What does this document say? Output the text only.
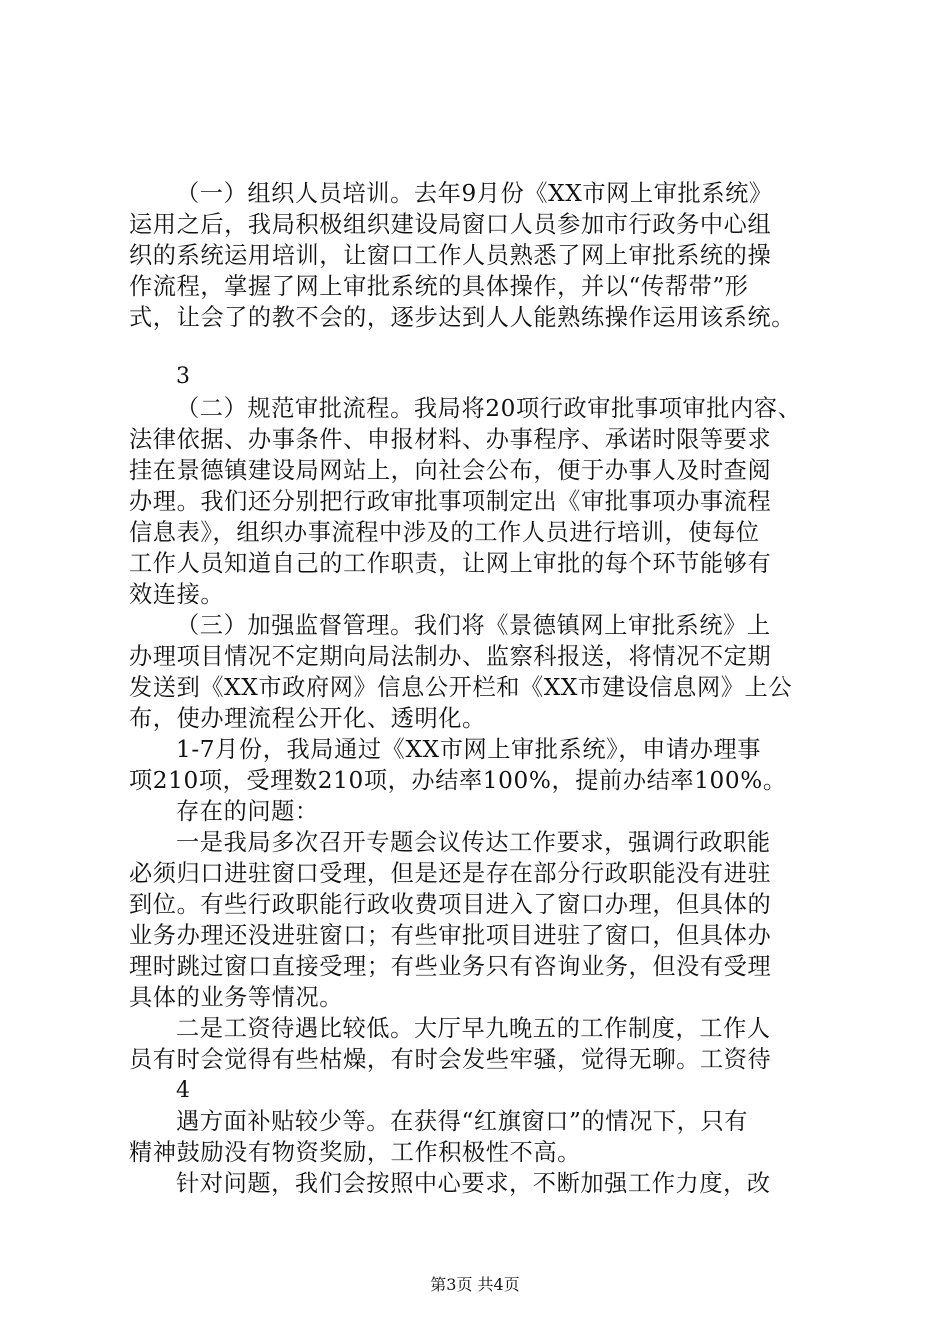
（一）组织人员培训。去年9月份《XX市网上审批系统》
运用之后，我局积极组织建设局窗口人员参加市行政务中心组
织的系统运用培训，让窗口工作人员熟悉了网上审批系统的操
作流程，掌握了网上审批系统的具体操作，并以“传帮带”形
式，让会了的教不会的，逐步达到人人能熟练操作运用该系统。
3
（二）规范审批流程。我局将20项行政审批事项审批内容、
法律依据、办事条件、申报材料、办事程序、承诺时限等要求
挂在景德镇建设局网站上，向社会公布，便于办事人及时查阅
办理。我们还分别把行政审批事项制定出《审批事项办事流程
信息表》，组织办事流程中涉及的工作人员进行培训，使每位
工作人员知道自己的工作职责，让网上审批的每个环节能够有
效连接。
（三）加强监督管理。我们将《景德镇网上审批系统》上
办理项目情况不定期向局法制办、监察科报送，将情况不定期
发送到《XX市政府网》信息公开栏和《XX市建设信息网》上公
布，使办理流程公开化、透明化。
1-7月份，我局通过《XX市网上审批系统》，申请办理事
项210项，受理数210项，办结率100%，提前办结率100%。
存在的问题：
一是我局多次召开专题会议传达工作要求，强调行政职能
必须归口进驻窗口受理，但是还是存在部分行政职能没有进驻
到位。有些行政职能行政收费项目进入了窗口办理，但具体的
业务办理还没进驻窗口；有些审批项目进驻了窗口，但具体办
理时跳过窗口直接受理；有些业务只有咨询业务，但没有受理
具体的业务等情况。
二是工资待遇比较低。大厅早九晚五的工作制度，工作人
员有时会觉得有些枯燥，有时会发些牢骚，觉得无聊。工资待
4
遇方面补贴较少等。在获得“红旗窗口”的情况下，只有
精神鼓励没有物资奖励，工作积极性不高。
针对问题，我们会按照中心要求，不断加强工作力度，改
第3页 共4页
